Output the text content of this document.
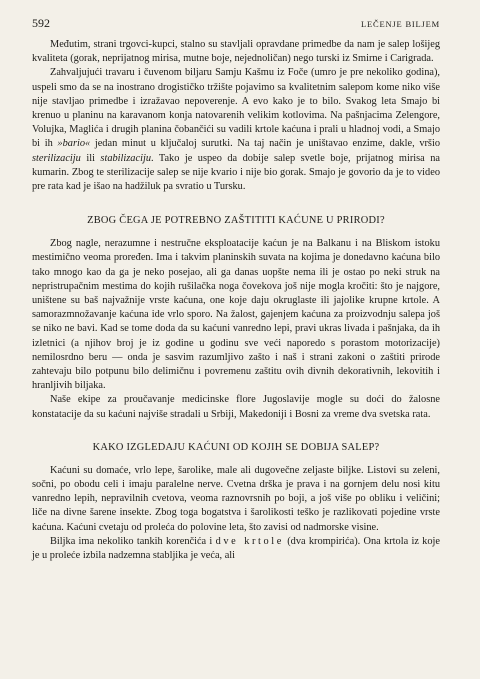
592	LEČENJE BILJEM

Međutim, strani trgovci-kupci, stalno su stavljali opravdane primedbe da nam je salep lošijeg kvaliteta (gorak, neprijatnog mirisa, mutne boje, nejednoličan) nego turski iz Smirne i Carigrada.

Zahvaljujući travaru i čuvenom biljaru Samju Kašmu iz Foče (umro je pre nekoliko godina), uspeli smo da se na inostrano drogističko tržište pojavimo sa kvalitetnim salepom kome niko više nije stavljao primedbe i izražavao nepoverenje. A evo kako je to bilo. Svakog leta Smajo bi krenuo u planinu na karavanom konja natovarenih velikim kotlovima. Na pašnjacima Zelengore, Volujka, Maglića i drugih planina čobančići su vadili krtole kaćuna i prali u hladnoj vodi, a Smajo bi ih »bario« jedan minut u ključaloj surutki. Na taj način je uništavao enzime, dakle, vršio sterilizaciju ili stabilizaciju. Tako je uspeo da dobije salep svetle boje, prijatnog mirisa na kumarin. Zbog te sterilizacije salep se nije kvario i nije bio gorak. Smajo je govorio da je to video pre rata kad je išao na hadžiluk pa svratio u Tursku.

ZBOG ČEGA JE POTREBNO ZAŠTITITI KAĆUNE U PRIRODI?

Zbog nagle, nerazumne i nestručne eksploatacije kaćun je na Balkanu i na Bliskom istoku mestimično veoma proređen. Ima i takvim planinskih suvata na kojima je donedavno kaćuna bilo tako mnogo kao da ga je neko posejao, ali ga danas uopšte nema ili je ostao po neki struk na nepristrupačnim mestima do kojih rušilačka noga čovekova još nije mogla kročiti: što je najgore, uništene su baš najvažnije vrste kaćuna, one koje daju okruglaste ili jajolike krupne krtole. A samorazmnožavanje kaćuna ide vrlo sporo. Na žalost, gajenjem kaćuna za proizvodnju salepa još se niko ne bavi. Kad se tome doda da su kaćuni vanredno lepi, pravi ukras livada i pašnjaka, da ih izletnici (a njihov broj je iz godine u godinu sve veći naporedo s porastom motorizacije) nemilosrdno beru — onda je sasvim razumljivo zašto i naš i strani zakoni o zaštiti prirode zahtevaju bilo potpunu bilo delimičnu i povremenu zaštitu ovih divnih dekorativnih, lekovitih i hranljivih biljaka.

Naše ekipe za proučavanje medicinske flore Jugoslavije mogle su doći do žalosne konstatacije da su kaćuni najviše stradali u Srbiji, Makedoniji i Bosni za vreme dva svetska rata.

KAKO IZGLEDAJU KAĆUNI OD KOJIH SE DOBIJA SALEP?

Kaćuni su domaće, vrlo lepe, šarolike, male ali dugovečne zeljaste biljke. Listovi su zeleni, sočni, po obodu celi i imaju paralelne nerve. Cvetna drška je prava i na gornjem delu nosi kitu vanredno lepih, nepravilnih cvetova, veoma raznovrsnih po boji, a još više po obliku i veličini; liče na divne šarene insekte. Zbog toga bogatstva i šarolikosti teško je razlikovati pojedine vrste kaćuna. Kaćuni cvetaju od proleća do polovine leta, što zavisi od nadmorske visine.

Biljka ima nekoliko tankih korenčića i dve krtole (dva krompirića). Ona krtola iz koje je u proleće izbila nadzemna stabljika je veća, ali
